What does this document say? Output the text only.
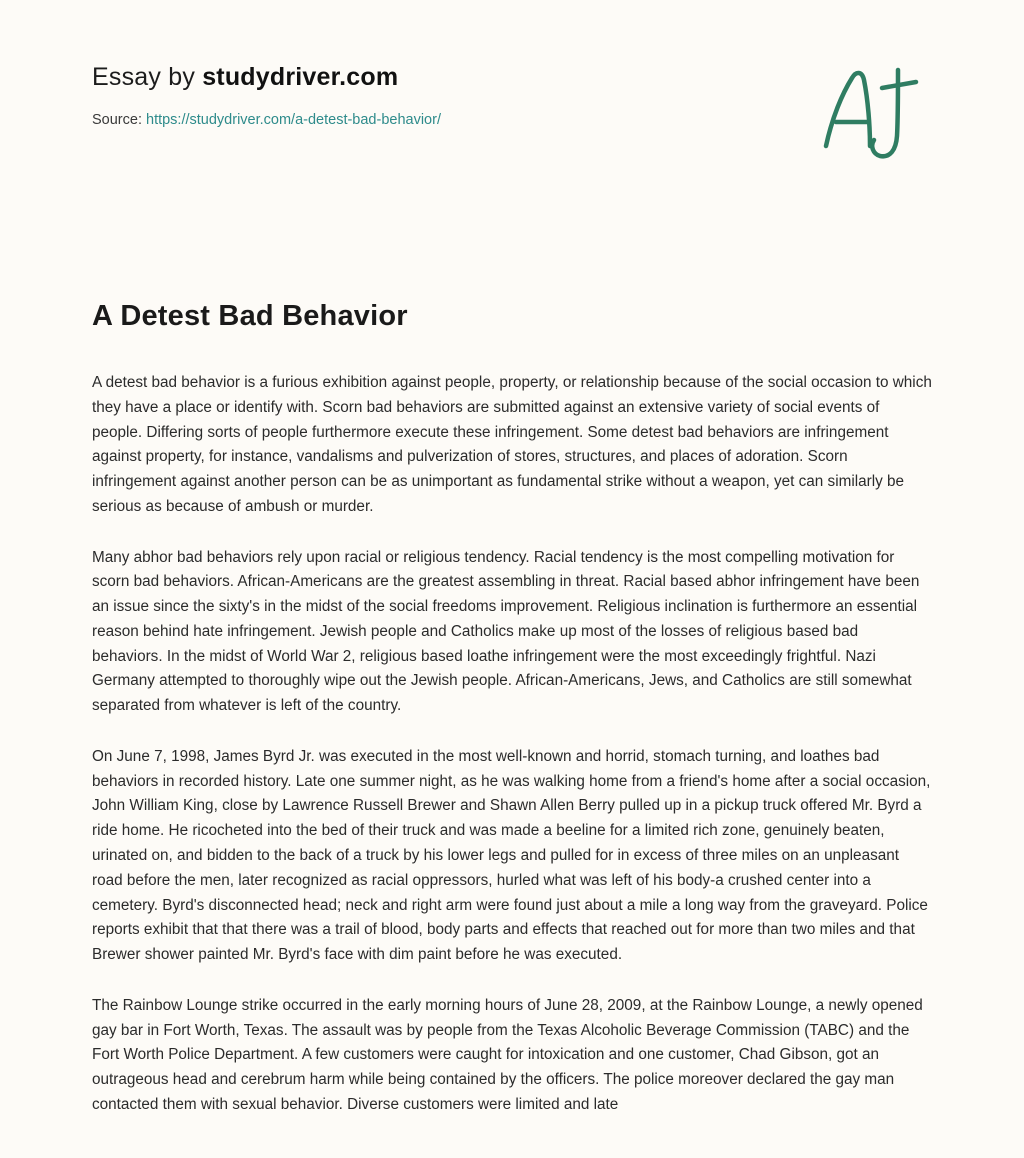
Essay by studydriver.com
Source: https://studydriver.com/a-detest-bad-behavior/
A Detest Bad Behavior

A detest bad behavior is a furious exhibition against people, property, or relationship because of the social occasion to which they have a place or identify with. Scorn bad behaviors are submitted against an extensive variety of social events of people. Differing sorts of people furthermore execute these infringement. Some detest bad behaviors are infringement against property, for instance, vandalisms and pulverization of stores, structures, and places of adoration. Scorn infringement against another person can be as unimportant as fundamental strike without a weapon, yet can similarly be serious as because of ambush or murder.

Many abhor bad behaviors rely upon racial or religious tendency. Racial tendency is the most compelling motivation for scorn bad behaviors. African-Americans are the greatest assembling in threat. Racial based abhor infringement have been an issue since the sixty's in the midst of the social freedoms improvement. Religious inclination is furthermore an essential reason behind hate infringement. Jewish people and Catholics make up most of the losses of religious based bad behaviors. In the midst of World War 2, religious based loathe infringement were the most exceedingly frightful. Nazi Germany attempted to thoroughly wipe out the Jewish people. African-Americans, Jews, and Catholics are still somewhat separated from whatever is left of the country.

On June 7, 1998, James Byrd Jr. was executed in the most well-known and horrid, stomach turning, and loathes bad behaviors in recorded history. Late one summer night, as he was walking home from a friend's home after a social occasion, John William King, close by Lawrence Russell Brewer and Shawn Allen Berry pulled up in a pickup truck offered Mr. Byrd a ride home. He ricocheted into the bed of their truck and was made a beeline for a limited rich zone, genuinely beaten, urinated on, and bidden to the back of a truck by his lower legs and pulled for in excess of three miles on an unpleasant road before the men, later recognized as racial oppressors, hurled what was left of his body-a crushed center into a cemetery. Byrd's disconnected head; neck and right arm were found just about a mile a long way from the graveyard. Police reports exhibit that that there was a trail of blood, body parts and effects that reached out for more than two miles and that Brewer shower painted Mr. Byrd's face with dim paint before he was executed.

The Rainbow Lounge strike occurred in the early morning hours of June 28, 2009, at the Rainbow Lounge, a newly opened gay bar in Fort Worth, Texas. The assault was by people from the Texas Alcoholic Beverage Commission (TABC) and the Fort Worth Police Department. A few customers were caught for intoxication and one customer, Chad Gibson, got an outrageous head and cerebrum harm while being contained by the officers. The police moreover declared the gay man contacted them with sexual behavior. Diverse customers were limited and late
